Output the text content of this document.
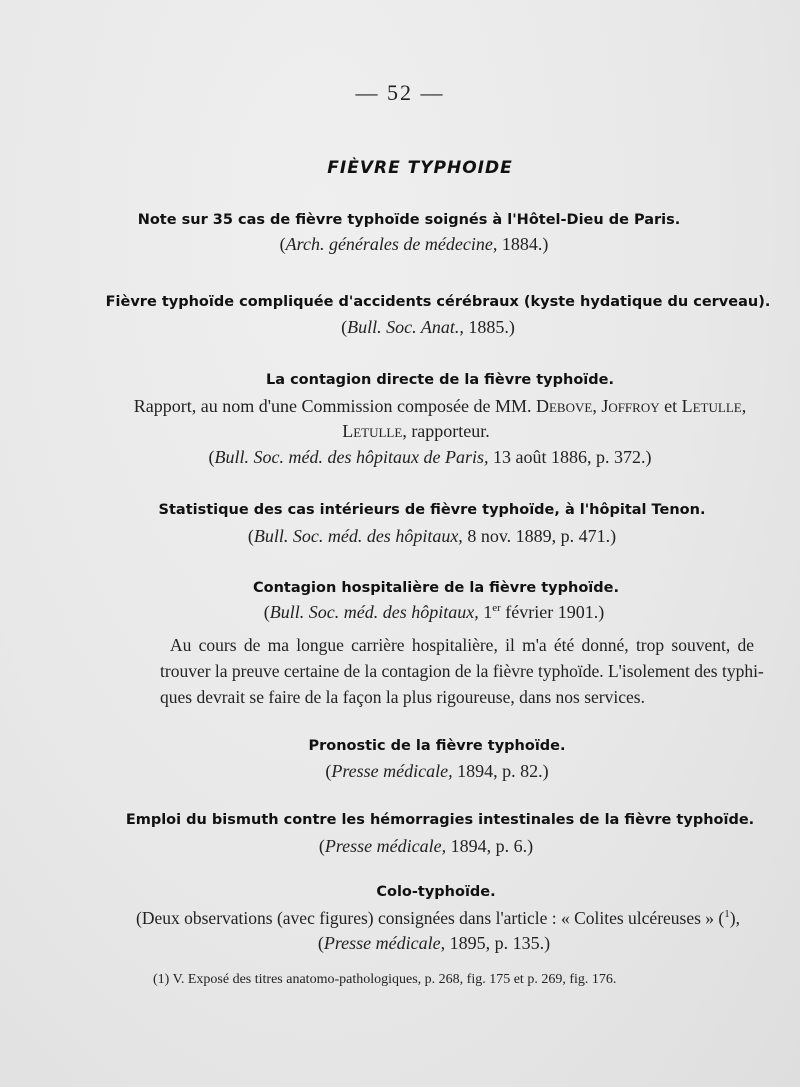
— 52 —
FIÈVRE TYPHOIDE
Note sur 35 cas de fièvre typhoïde soignés à l'Hôtel-Dieu de Paris.
(Arch. générales de médecine, 1884.)
Fièvre typhoïde compliquée d'accidents cérébraux (kyste hydatique du cerveau).
(Bull. Soc. Anat., 1885.)
La contagion directe de la fièvre typhoïde.
Rapport, au nom d'une Commission composée de MM. Debove, Joffroy et Letulle,
Letulle, rapporteur.
(Bull. Soc. méd. des hôpitaux de Paris, 13 août 1886, p. 372.)
Statistique des cas intérieurs de fièvre typhoïde, à l'hôpital Tenon.
(Bull. Soc. méd. des hôpitaux, 8 nov. 1889, p. 471.)
Contagion hospitalière de la fièvre typhoïde.
(Bull. Soc. méd. des hôpitaux, 1er février 1901.)
Au cours de ma longue carrière hospitalière, il m'a été donné, trop souvent, de
trouver la preuve certaine de la contagion de la fièvre typhoïde. L'isolement des typhi-
ques devrait se faire de la façon la plus rigoureuse, dans nos services.
Pronostic de la fièvre typhoïde.
(Presse médicale, 1894, p. 82.)
Emploi du bismuth contre les hémorragies intestinales de la fièvre typhoïde.
(Presse médicale, 1894, p. 6.)
Colo-typhoïde.
(Deux observations (avec figures) consignées dans l'article : « Colites ulcéreuses » ($^1$),
(Presse médicale, 1895, p. 135.)
(1) V. Exposé des titres anatomo-pathologiques, p. 268, fig. 175 et p. 269, fig. 176.
